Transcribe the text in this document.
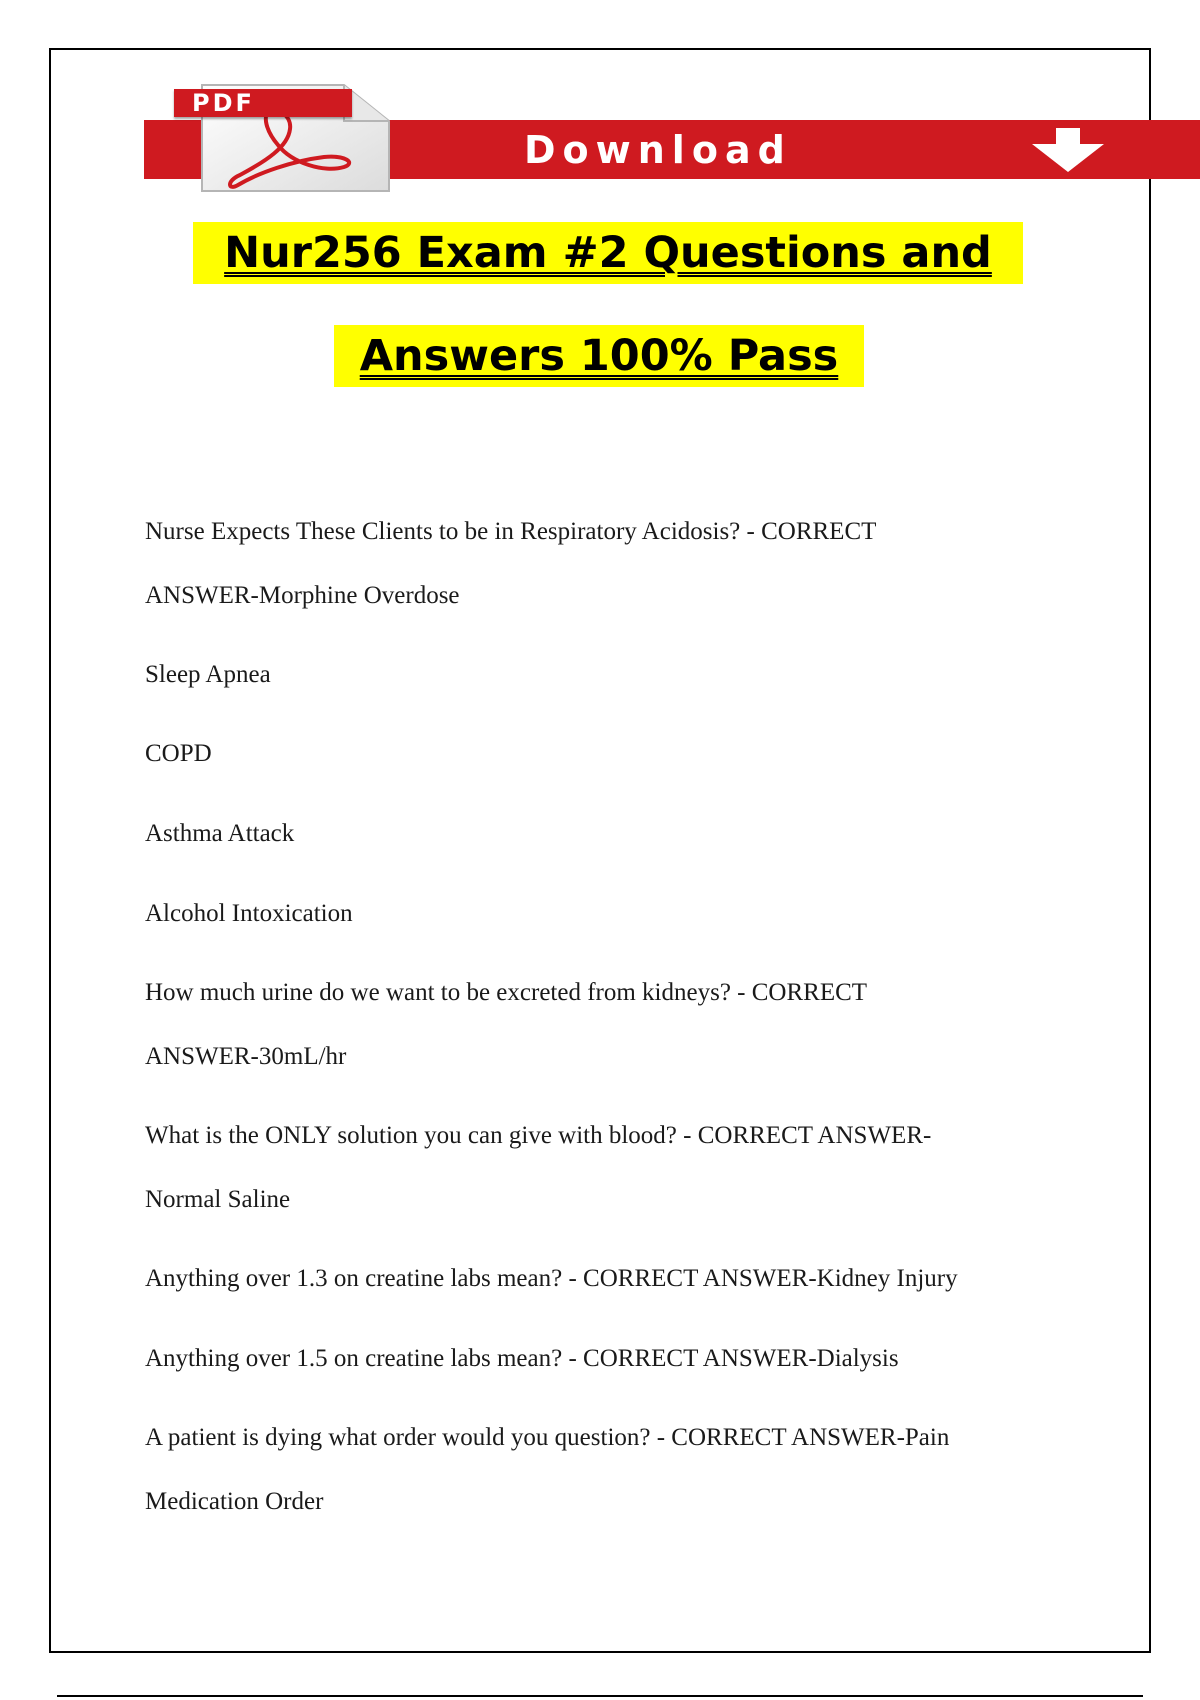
Download
PDF
Nur256 Exam #2 Questions and
Answers 100% Pass

Nurse Expects These Clients to be in Respiratory Acidosis? - CORRECT

ANSWER-Morphine Overdose

Sleep Apnea

COPD

Asthma Attack

Alcohol Intoxication

How much urine do we want to be excreted from kidneys? - CORRECT

ANSWER-30mL/hr

What is the ONLY solution you can give with blood? - CORRECT ANSWER-

Normal Saline

Anything over 1.3 on creatine labs mean? - CORRECT ANSWER-Kidney Injury

Anything over 1.5 on creatine labs mean? - CORRECT ANSWER-Dialysis

A patient is dying what order would you question? - CORRECT ANSWER-Pain

Medication Order
